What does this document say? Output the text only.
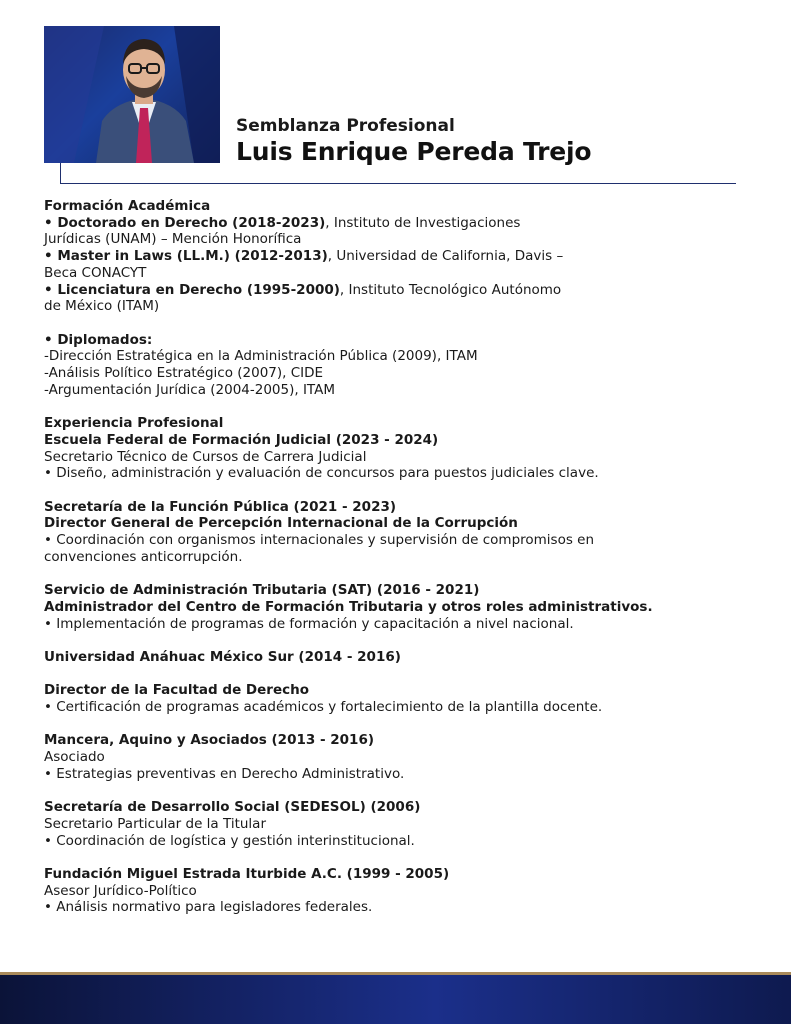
Semblanza Profesional
Luis Enrique Pereda Trejo

Formación Académica

• Doctorado en Derecho (2018-2023), Instituto de Investigaciones Jurídicas (UNAM) – Mención Honorífica

• Master in Laws (LL.M.) (2012-2013), Universidad de California, Davis – Beca CONACYT

• Licenciatura en Derecho (1995-2000), Instituto Tecnológico Autónomo de México (ITAM)

• Diplomados:

-Dirección Estratégica en la Administración Pública (2009), ITAM

-Análisis Político Estratégico (2007), CIDE

-Argumentación Jurídica (2004-2005), ITAM

Experiencia Profesional

Escuela Federal de Formación Judicial (2023 - 2024)

Secretario Técnico de Cursos de Carrera Judicial

• Diseño, administración y evaluación de concursos para puestos judiciales clave.

Secretaría de la Función Pública (2021 - 2023)

Director General de Percepción Internacional de la Corrupción

• Coordinación con organismos internacionales y supervisión de compromisos en convenciones anticorrupción.

Servicio de Administración Tributaria (SAT) (2016 - 2021)

Administrador del Centro de Formación Tributaria y otros roles administrativos.

• Implementación de programas de formación y capacitación a nivel nacional.

Universidad Anáhuac México Sur (2014 - 2016)

Director de la Facultad de Derecho

• Certificación de programas académicos y fortalecimiento de la plantilla docente.

Mancera, Aquino y Asociados (2013 - 2016)

Asociado

• Estrategias preventivas en Derecho Administrativo.

Secretaría de Desarrollo Social (SEDESOL) (2006)

Secretario Particular de la Titular

• Coordinación de logística y gestión interinstitucional.

Fundación Miguel Estrada Iturbide A.C. (1999 - 2005)

Asesor Jurídico-Político

• Análisis normativo para legisladores federales.
